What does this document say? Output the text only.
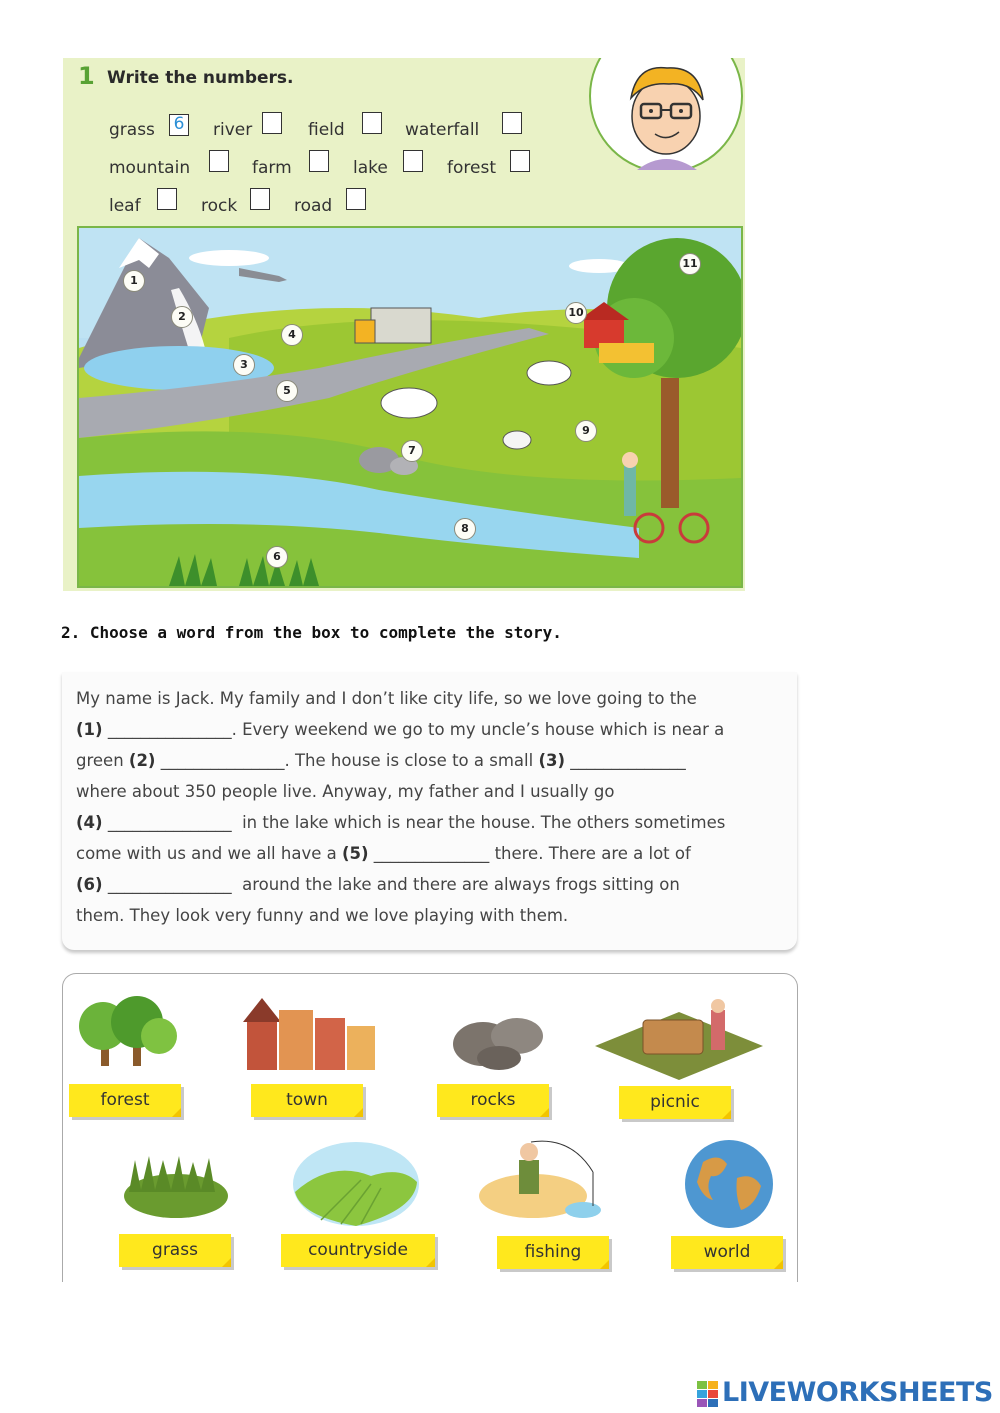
1 Write the numbers.
grass 6 river	field	waterfall
mountain	farm	lake	forest
leaf	rock	road
1
2
3
4
5
6
7
8
9
10
11
2. Choose a word from the box to complete the story.
My name is Jack. My family and I don’t like city life, so we love going to the
(1) _______________. Every weekend we go to my uncle’s house which is near a
green (2) _______________. The house is close to a small (3) ______________
where about 350 people live. Anyway, my father and I usually go
(4) _______________  in the lake which is near the house. The others sometimes
come with us and we all have a (5) ______________ there. There are a lot of
(6) _______________  around the lake and there are always frogs sitting on
them. They look very funny and we love playing with them.
forest	town	rocks	picnic
grass	countryside	fishing	world
LIVEWORKSHEETS
